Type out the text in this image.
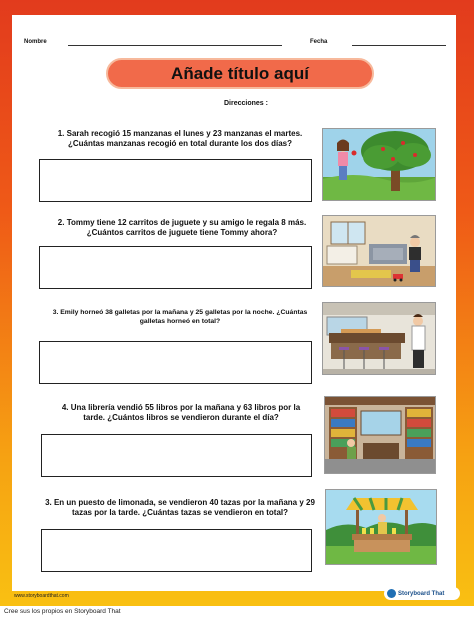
Nombre	Fecha
Añade título aquí
Direcciones :
1. Sarah recogió 15 manzanas el lunes y 23 manzanas el martes.
¿Cuántas manzanas recogió en total durante los dos días?
2. Tommy tiene 12 carritos de juguete y su amigo le regala 8 más.
¿Cuántos carritos de juguete tiene Tommy ahora?
3. Emily horneó 38 galletas por la mañana y 25 galletas por la noche. ¿Cuántas
galletas horneó en total?
4. Una librería vendió 55 libros por la mañana y 63 libros por la
tarde. ¿Cuántos libros se vendieron durante el día?
3. En un puesto de limonada, se vendieron 40 tazas por la mañana y 29
tazas por la tarde. ¿Cuántas tazas se vendieron en total?
www.storyboardthat.com	Storyboard That
Cree sus los propios en Storyboard That
